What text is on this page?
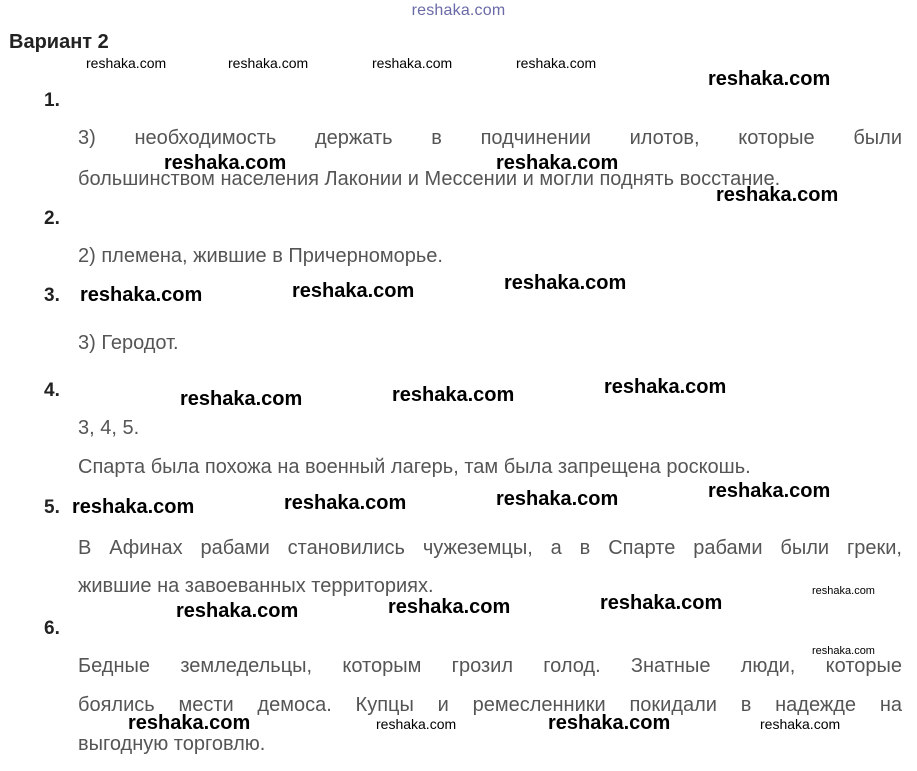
reshaka.com
Вариант 2
1.
3) необходимость держать в подчинении илотов, которые были
большинством населения Лаконии и Мессении и могли поднять восстание.
2.
2) племена, жившие в Причерноморье.
3.
3) Геродот.
4.
3, 4, 5.
Спарта была похожа на военный лагерь, там была запрещена роскошь.
5.
В Афинах рабами становились чужеземцы, а в Спарте рабами были греки,
жившие на завоеванных территориях.
6.
Бедные земледельцы, которым грозил голод. Знатные люди, которые
боялись мести демоса. Купцы и ремесленники покидали в надежде на
выгодную торговлю.
reshaka.com	reshaka.com	reshaka.com	reshaka.com
reshaka.com
reshaka.com	reshaka.com
reshaka.com
reshaka.com	reshaka.com	reshaka.com
reshaka.com	reshaka.com	reshaka.com
reshaka.com	reshaka.com	reshaka.com	reshaka.com
reshaka.com	reshaka.com	reshaka.com
reshaka.com
reshaka.com
reshaka.com	reshaka.com	reshaka.com	reshaka.com
